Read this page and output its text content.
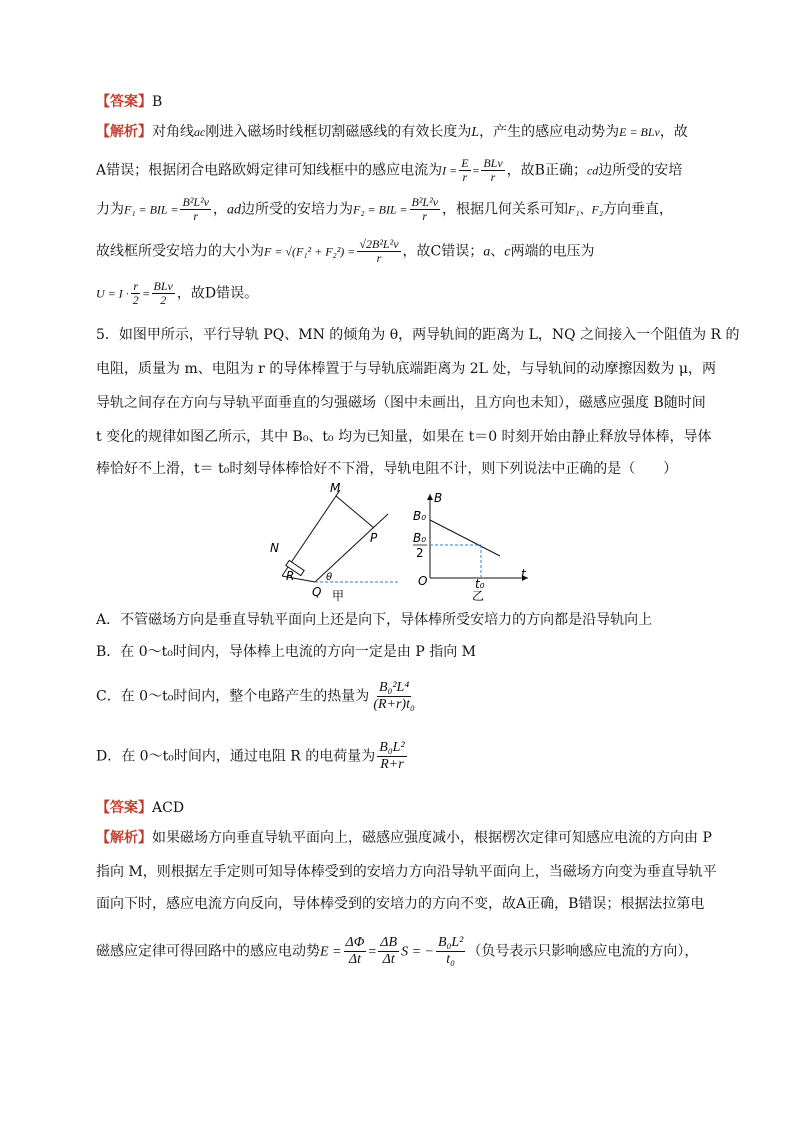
【答案】B
【解析】对角线ac刚进入磁场时线框切割磁感线的有效长度为L，产生的感应电动势为E = BLv，故
A错误；根据闭合电路欧姆定律可知线框中的感应电流为$I = \frac{E}{r} = \frac{\text{BLv}}{r}$ ，故B正确；cd边所受的安培
力为F₁ = BIL = $\frac{\text{B²L²v}}{r}$ ，ad边所受的安培力为F₂ = BIL = $\frac{\text{B²L²v}}{r}$ ，根据几何关系可知F₁、F₂方向垂直，
故线框所受安培力的大小为$F = √(F_1^2 + F_2^2) = \frac{\text{√2B²L²v}}{r}$ ，故C错误；a、c两端的电压为
$U = I \cdot \frac{r}{2} = \frac{\text{BLv}}{2}$ ，故D错误。
5．如图甲所示，平行导轨 PQ、MN 的倾角为 θ，两导轨间的距离为 L，NQ 之间接入一个阻值为 R 的
电阻，质量为 m、电阻为 r 的导体棒置于与导轨底端距离为 2L 处，与导轨间的动摩擦因数为 μ，两
导轨之间存在方向与导轨平面垂直的匀强磁场（图中未画出，且方向也未知），磁感应强度 B随时间
t 变化的规律如图乙所示，其中 B₀、t₀ 均为已知量，如果在 t＝0 时刻开始由静止释放导体棒，导体
棒恰好不上滑，t＝ t₀时刻导体棒恰好不下滑，导轨电阻不计，则下列说法中正确的是（　　）
M
N
P
Q
R	θ
甲
B
B₀
B₀
2
O	t₀
t
乙
A．不管磁场方向是垂直导轨平面向上还是向下，导体棒所受安培力的方向都是沿导轨向上
B．在 0～t₀时间内，导体棒上电流的方向一定是由 P 指向 M
C．在 0～t₀时间内，整个电路产生的热量为 $\frac{\text{B₀²L⁴}}{\text{(R+r)t₀}}$
D．在 0～t₀时间内，通过电阻 R 的电荷量为 $\frac{\text{B₀L²}}{R+r}$
【答案】ACD
【解析】如果磁场方向垂直导轨平面向上，磁感应强度减小，根据楞次定律可知感应电流的方向由 P
指向 M，则根据左手定则可知导体棒受到的安培力方向沿导轨平面向上，当磁场方向变为垂直导轨平
面向下时，感应电流方向反向，导体棒受到的安培力的方向不变，故A正确，B错误；根据法拉第电
磁感应定律可得回路中的感应电动势$E = \frac{\Delta\Phi}{\Delta t} = \frac{\Delta B}{\Delta t}$ S = − $\frac{\text{B₀L²}}{\text{t₀}}$ （负号表示只影响感应电流的方向），
